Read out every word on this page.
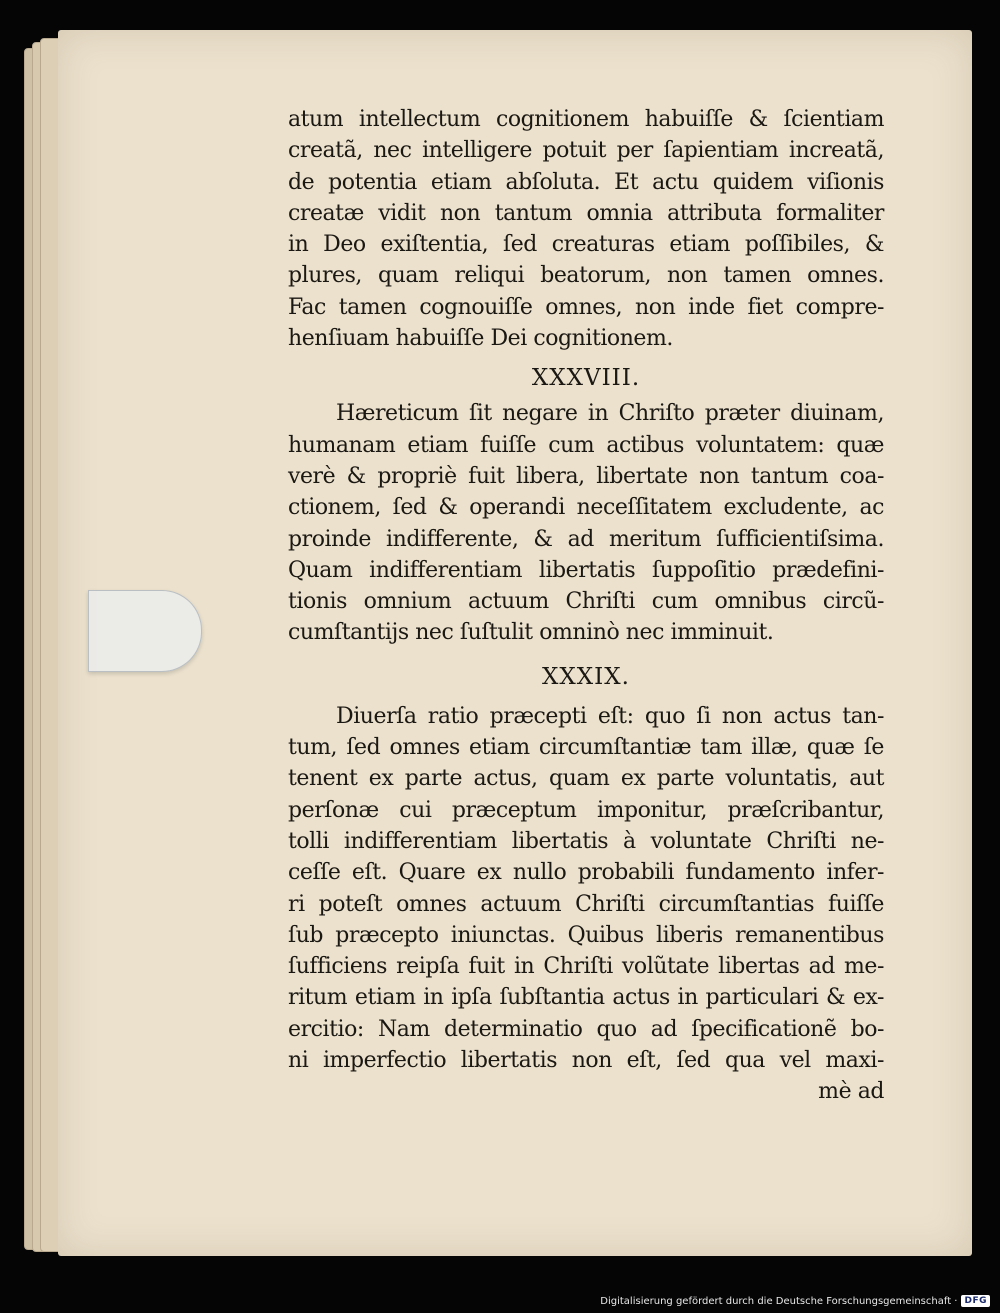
atum intellectum cognitionem habuiſſe & ſcientiam
creatã, nec intelligere potuit per ſapientiam increatã,
de potentia etiam abſoluta. Et actu quidem viſionis
creatæ vidit non tantum omnia attributa formaliter
in Deo exiſtentia, ſed creaturas etiam poſſibiles, &
plures, quam reliqui beatorum, non tamen omnes.
Fac tamen cognouiſſe omnes, non inde fiet compre-
henſiuam habuiſſe Dei cognitionem.
XXXVIII.
Hæreticum ſit negare in Chriſto præter diuinam,
humanam etiam fuiſſe cum actibus voluntatem: quæ
verè & propriè fuit libera, libertate non tantum coa-
ctionem, ſed & operandi neceſſitatem excludente, ac
proinde indifferente, & ad meritum ſufficientiſsima.
Quam indifferentiam libertatis ſuppoſitio prædefini-
tionis omnium actuum Chriſti cum omnibus circũ-
cumſtantijs nec ſuſtulit omninò nec imminuit.
XXXIX.
Diuerſa ratio præcepti eſt: quo ſi non actus tan-
tum, ſed omnes etiam circumſtantiæ tam illæ, quæ ſe
tenent ex parte actus, quam ex parte voluntatis, aut
perſonæ cui præceptum imponitur, præſcribantur,
tolli indifferentiam libertatis à voluntate Chriſti ne-
ceſſe eſt. Quare ex nullo probabili fundamento infer-
ri poteſt omnes actuum Chriſti circumſtantias fuiſſe
ſub præcepto iniunctas. Quibus liberis remanentibus
ſufficiens reipſa fuit in Chriſti volũtate libertas ad me-
ritum etiam in ipſa ſubſtantia actus in particulari & ex-
ercitio: Nam determinatio quo ad ſpecificationẽ bo-
ni imperfectio libertatis non eſt, ſed qua vel maxi-
mè ad
Digitalisierung gefördert durch die Deutsche Forschungsgemeinschaft · DFG
